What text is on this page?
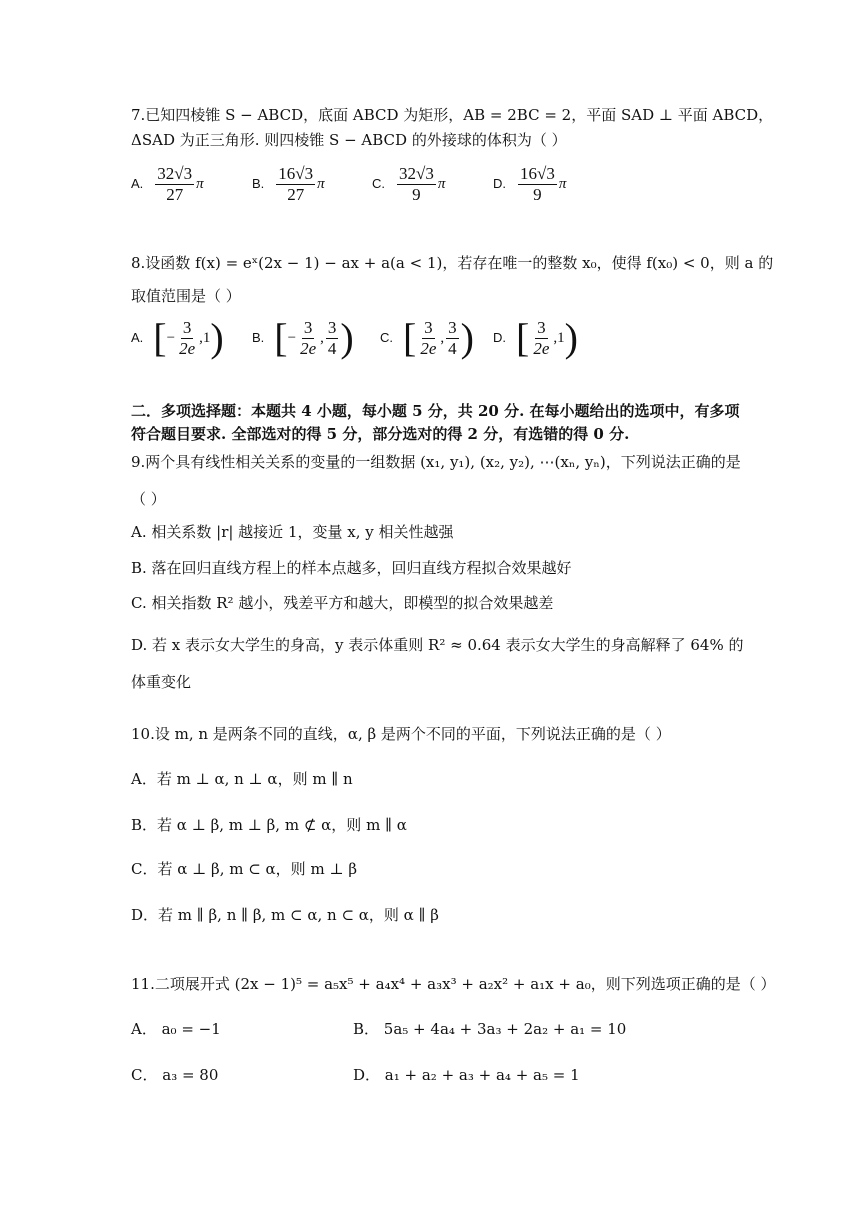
7.已知四棱锥 S − ABCD，底面 ABCD 为矩形，AB = 2BC = 2，平面 SAD ⊥ 平面 ABCD，
ΔSAD 为正三角形. 则四棱锥 S − ABCD 的外接球的体积为（ ）
A. $\frac{32√3}{27}$ π	B. $\frac{16√3}{27}$ π	C. $\frac{32√3}{9}$ π	D. $\frac{16√3}{9}$ π
8.设函数 f(x) = eˣ(2x − 1) − ax + a(a < 1)，若存在唯一的整数 x₀，使得 f(x₀) < 0，则 a 的
取值范围是（ ）
A. [ − $\frac{3}{2e} ,1$ ) B. [ − $\frac{3}{2e}$ , $\frac{3}{4}$ ) C. [ $\frac{3}{2e}$ , $\frac{3}{4}$ ) D. [ $\frac{3}{2e} ,1$ )
二．多项选择题：本题共 4 小题，每小题 5 分，共 20 分. 在每小题给出的选项中，有多项
符合题目要求. 全部选对的得 5 分，部分选对的得 2 分，有选错的得 0 分.
9.两个具有线性相关关系的变量的一组数据 (x₁, y₁), (x₂, y₂), ⋯(xₙ, yₙ)，下列说法正确的是
（ ）
A. 相关系数 |r| 越接近 1，变量 x, y 相关性越强
B. 落在回归直线方程上的样本点越多，回归直线方程拟合效果越好
C. 相关指数 R² 越小，残差平方和越大，即模型的拟合效果越差
D. 若 x 表示女大学生的身高，y 表示体重则 R² ≈ 0.64 表示女大学生的身高解释了 64% 的
体重变化
10.设 m, n 是两条不同的直线，α, β 是两个不同的平面，下列说法正确的是（ ）
A．若 m ⊥ α, n ⊥ α，则 m ∥ n
B．若 α ⊥ β, m ⊥ β, m ⊄ α，则 m ∥ α
C．若 α ⊥ β, m ⊂ α，则 m ⊥ β
D．若 m ∥ β, n ∥ β, m ⊂ α, n ⊂ α，则 α ∥ β
11.二项展开式 (2x − 1)⁵ = a₅x⁵ + a₄x⁴ + a₃x³ + a₂x² + a₁x + a₀，则下列选项正确的是（ ）
A． a₀ = −1	B． 5a₅ + 4a₄ + 3a₃ + 2a₂ + a₁ = 10
C． a₃ = 80	D． a₁ + a₂ + a₃ + a₄ + a₅ = 1
